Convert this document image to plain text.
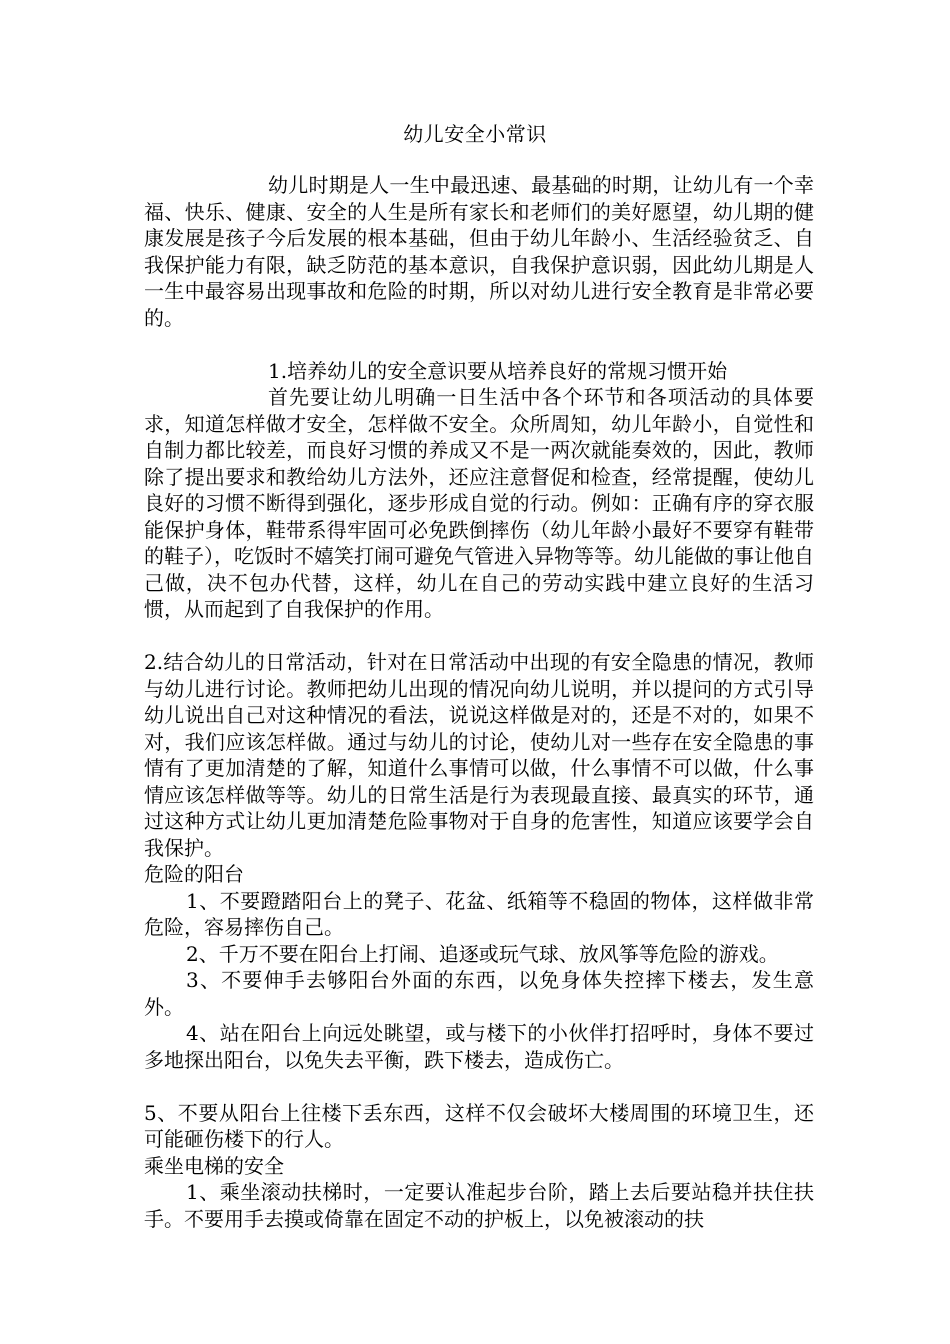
幼儿安全小常识

幼儿时期是人一生中最迅速、最基础的时期，让幼儿有一个幸福、快乐、健康、安全的人生是所有家长和老师们的美好愿望，幼儿期的健康发展是孩子今后发展的根本基础，但由于幼儿年龄小、生活经验贫乏、自我保护能力有限，缺乏防范的基本意识，自我保护意识弱，因此幼儿期是人一生中最容易出现事故和危险的时期，所以对幼儿进行安全教育是非常必要的。

1.培养幼儿的安全意识要从培养良好的常规习惯开始

首先要让幼儿明确一日生活中各个环节和各项活动的具体要求，知道怎样做才安全，怎样做不安全。众所周知，幼儿年龄小，自觉性和自制力都比较差，而良好习惯的养成又不是一两次就能奏效的，因此，教师除了提出要求和教给幼儿方法外，还应注意督促和检查，经常提醒，使幼儿良好的习惯不断得到强化，逐步形成自觉的行动。例如：正确有序的穿衣服能保护身体，鞋带系得牢固可必免跌倒摔伤（幼儿年龄小最好不要穿有鞋带的鞋子），吃饭时不嬉笑打闹可避免气管进入异物等等。幼儿能做的事让他自己做，决不包办代替，这样，幼儿在自己的劳动实践中建立良好的生活习惯，从而起到了自我保护的作用。

2.结合幼儿的日常活动，针对在日常活动中出现的有安全隐患的情况，教师与幼儿进行讨论。教师把幼儿出现的情况向幼儿说明，并以提问的方式引导幼儿说出自己对这种情况的看法，说说这样做是对的，还是不对的，如果不对，我们应该怎样做。通过与幼儿的讨论，使幼儿对一些存在安全隐患的事情有了更加清楚的了解，知道什么事情可以做，什么事情不可以做，什么事情应该怎样做等等。幼儿的日常生活是行为表现最直接、最真实的环节，通过这种方式让幼儿更加清楚危险事物对于自身的危害性，知道应该要学会自我保护。

危险的阳台

1、不要蹬踏阳台上的凳子、花盆、纸箱等不稳固的物体，这样做非常危险，容易摔伤自己。

2、千万不要在阳台上打闹、追逐或玩气球、放风筝等危险的游戏。

3、不要伸手去够阳台外面的东西，以免身体失控摔下楼去，发生意外。

4、站在阳台上向远处眺望，或与楼下的小伙伴打招呼时，身体不要过多地探出阳台，以免失去平衡，跌下楼去，造成伤亡。

5、不要从阳台上往楼下丢东西，这样不仅会破坏大楼周围的环境卫生，还可能砸伤楼下的行人。

乘坐电梯的安全

1、乘坐滚动扶梯时，一定要认准起步台阶，踏上去后要站稳并扶住扶手。不要用手去摸或倚靠在固定不动的护板上，以免被滚动的扶
